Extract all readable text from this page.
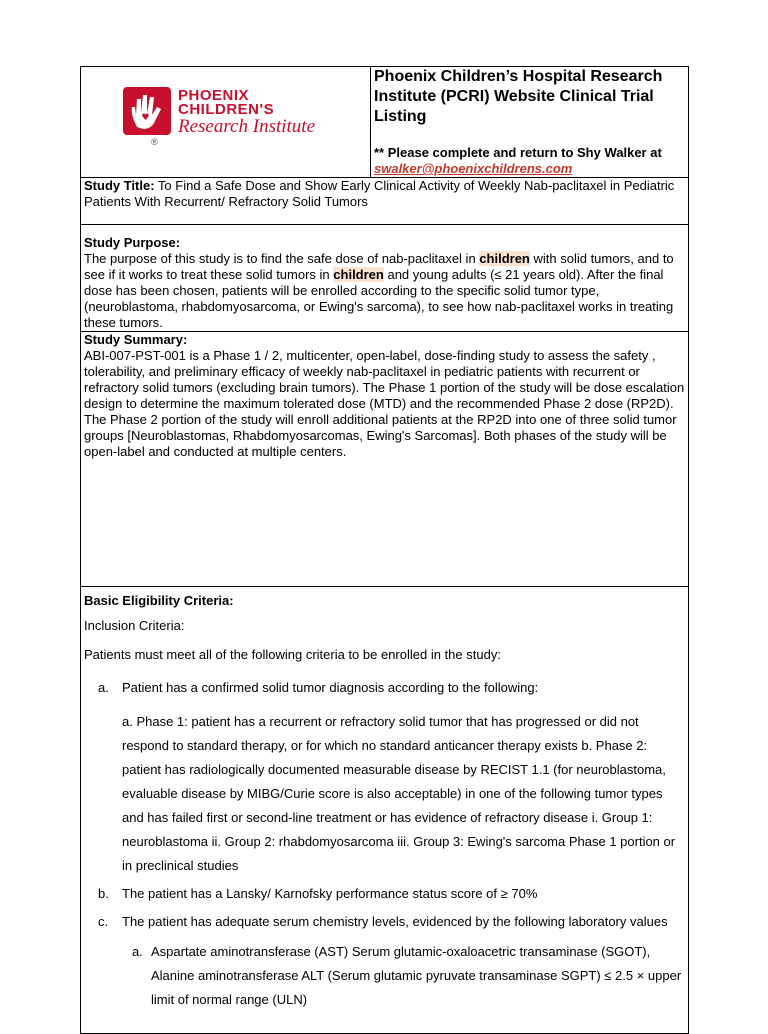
PHOENIX
CHILDREN'S
Research Institute
®

Phoenix Children’s Hospital Research Institute (PCRI) Website Clinical Trial Listing
** Please complete and return to Shy Walker at
swalker@phoenixchildrens.com

Study Title: To Find a Safe Dose and Show Early Clinical Activity of Weekly Nab-paclitaxel in Pediatric Patients With Recurrent/ Refractory Solid Tumors

Study Purpose:
The purpose of this study is to find the safe dose of nab-paclitaxel in children with solid tumors, and to see if it works to treat these solid tumors in children and young adults (≤ 21 years old). After the final dose has been chosen, patients will be enrolled according to the specific solid tumor type, (neuroblastoma, rhabdomyosarcoma, or Ewing's sarcoma), to see how nab-paclitaxel works in treating these tumors.

Study Summary:
ABI-007-PST-001 is a Phase 1 / 2, multicenter, open-label, dose-finding study to assess the safety , tolerability, and preliminary efficacy of weekly nab-paclitaxel in pediatric patients with recurrent or refractory solid tumors (excluding brain tumors). The Phase 1 portion of the study will be dose escalation design to determine the maximum tolerated dose (MTD) and the recommended Phase 2 dose (RP2D). The Phase 2 portion of the study will enroll additional patients at the RP2D into one of three solid tumor groups [Neuroblastomas, Rhabdomyosarcomas, Ewing's Sarcomas]. Both phases of the study will be open-label and conducted at multiple centers.

Basic Eligibility Criteria:

Inclusion Criteria:

Patients must meet all of the following criteria to be enrolled in the study:

a. Patient has a confirmed solid tumor diagnosis according to the following:
a. Phase 1: patient has a recurrent or refractory solid tumor that has progressed or did not respond to standard therapy, or for which no standard anticancer therapy exists b. Phase 2: patient has radiologically documented measurable disease by RECIST 1.1 (for neuroblastoma, evaluable disease by MIBG/Curie score is also acceptable) in one of the following tumor types and has failed first or second-line treatment or has evidence of refractory disease i. Group 1: neuroblastoma ii. Group 2: rhabdomyosarcoma iii. Group 3: Ewing's sarcoma Phase 1 portion or in preclinical studies
b. The patient has a Lansky/ Karnofsky performance status score of ≥ 70%
c. The patient has adequate serum chemistry levels, evidenced by the following laboratory values
a. Aspartate aminotransferase (AST) Serum glutamic-oxaloacetric transaminase (SGOT), Alanine aminotransferase ALT (Serum glutamic pyruvate transaminase SGPT) ≤ 2.5 × upper limit of normal range (ULN)
